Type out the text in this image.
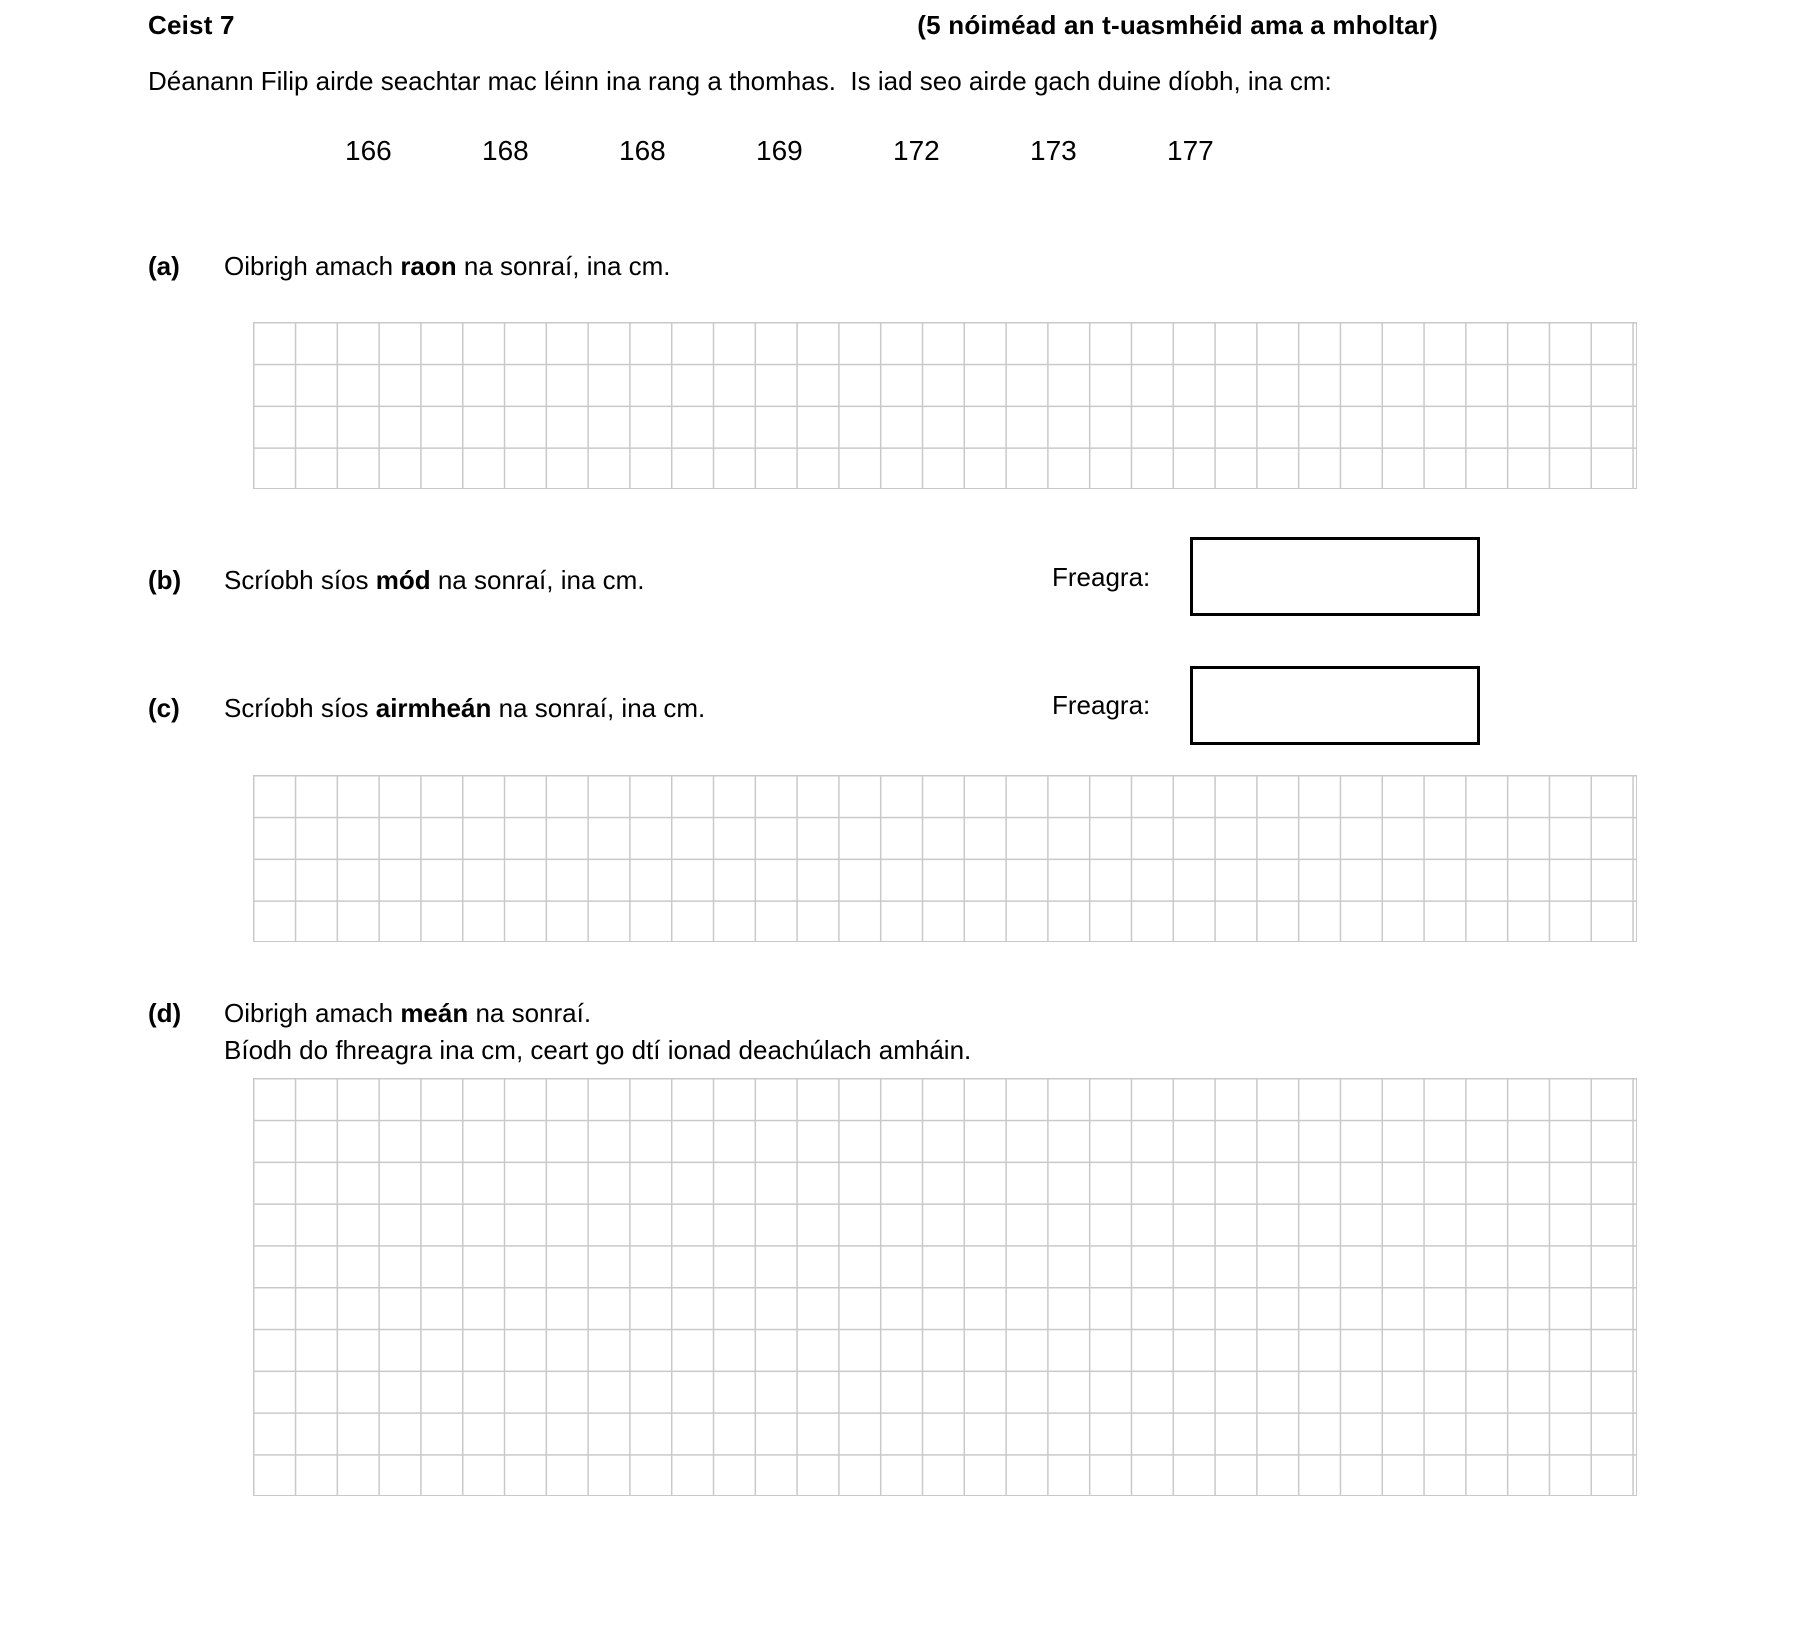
Ceist 7	(5 nóiméad an t-uasmhéid ama a mholtar)
Déanann Filip airde seachtar mac léinn ina rang a thomhas.  Is iad seo airde gach duine díobh, ina cm:
166	168	168	169	172	173	177
(a)	Oibrigh amach raon na sonraí, ina cm.
(b)	Scríobh síos mód na sonraí, ina cm.	Freagra:
(c)	Scríobh síos airmheán na sonraí, ina cm.	Freagra:
(d)	Oibrigh amach meán na sonraí.
Bíodh do fhreagra ina cm, ceart go dtí ionad deachúlach amháin.
